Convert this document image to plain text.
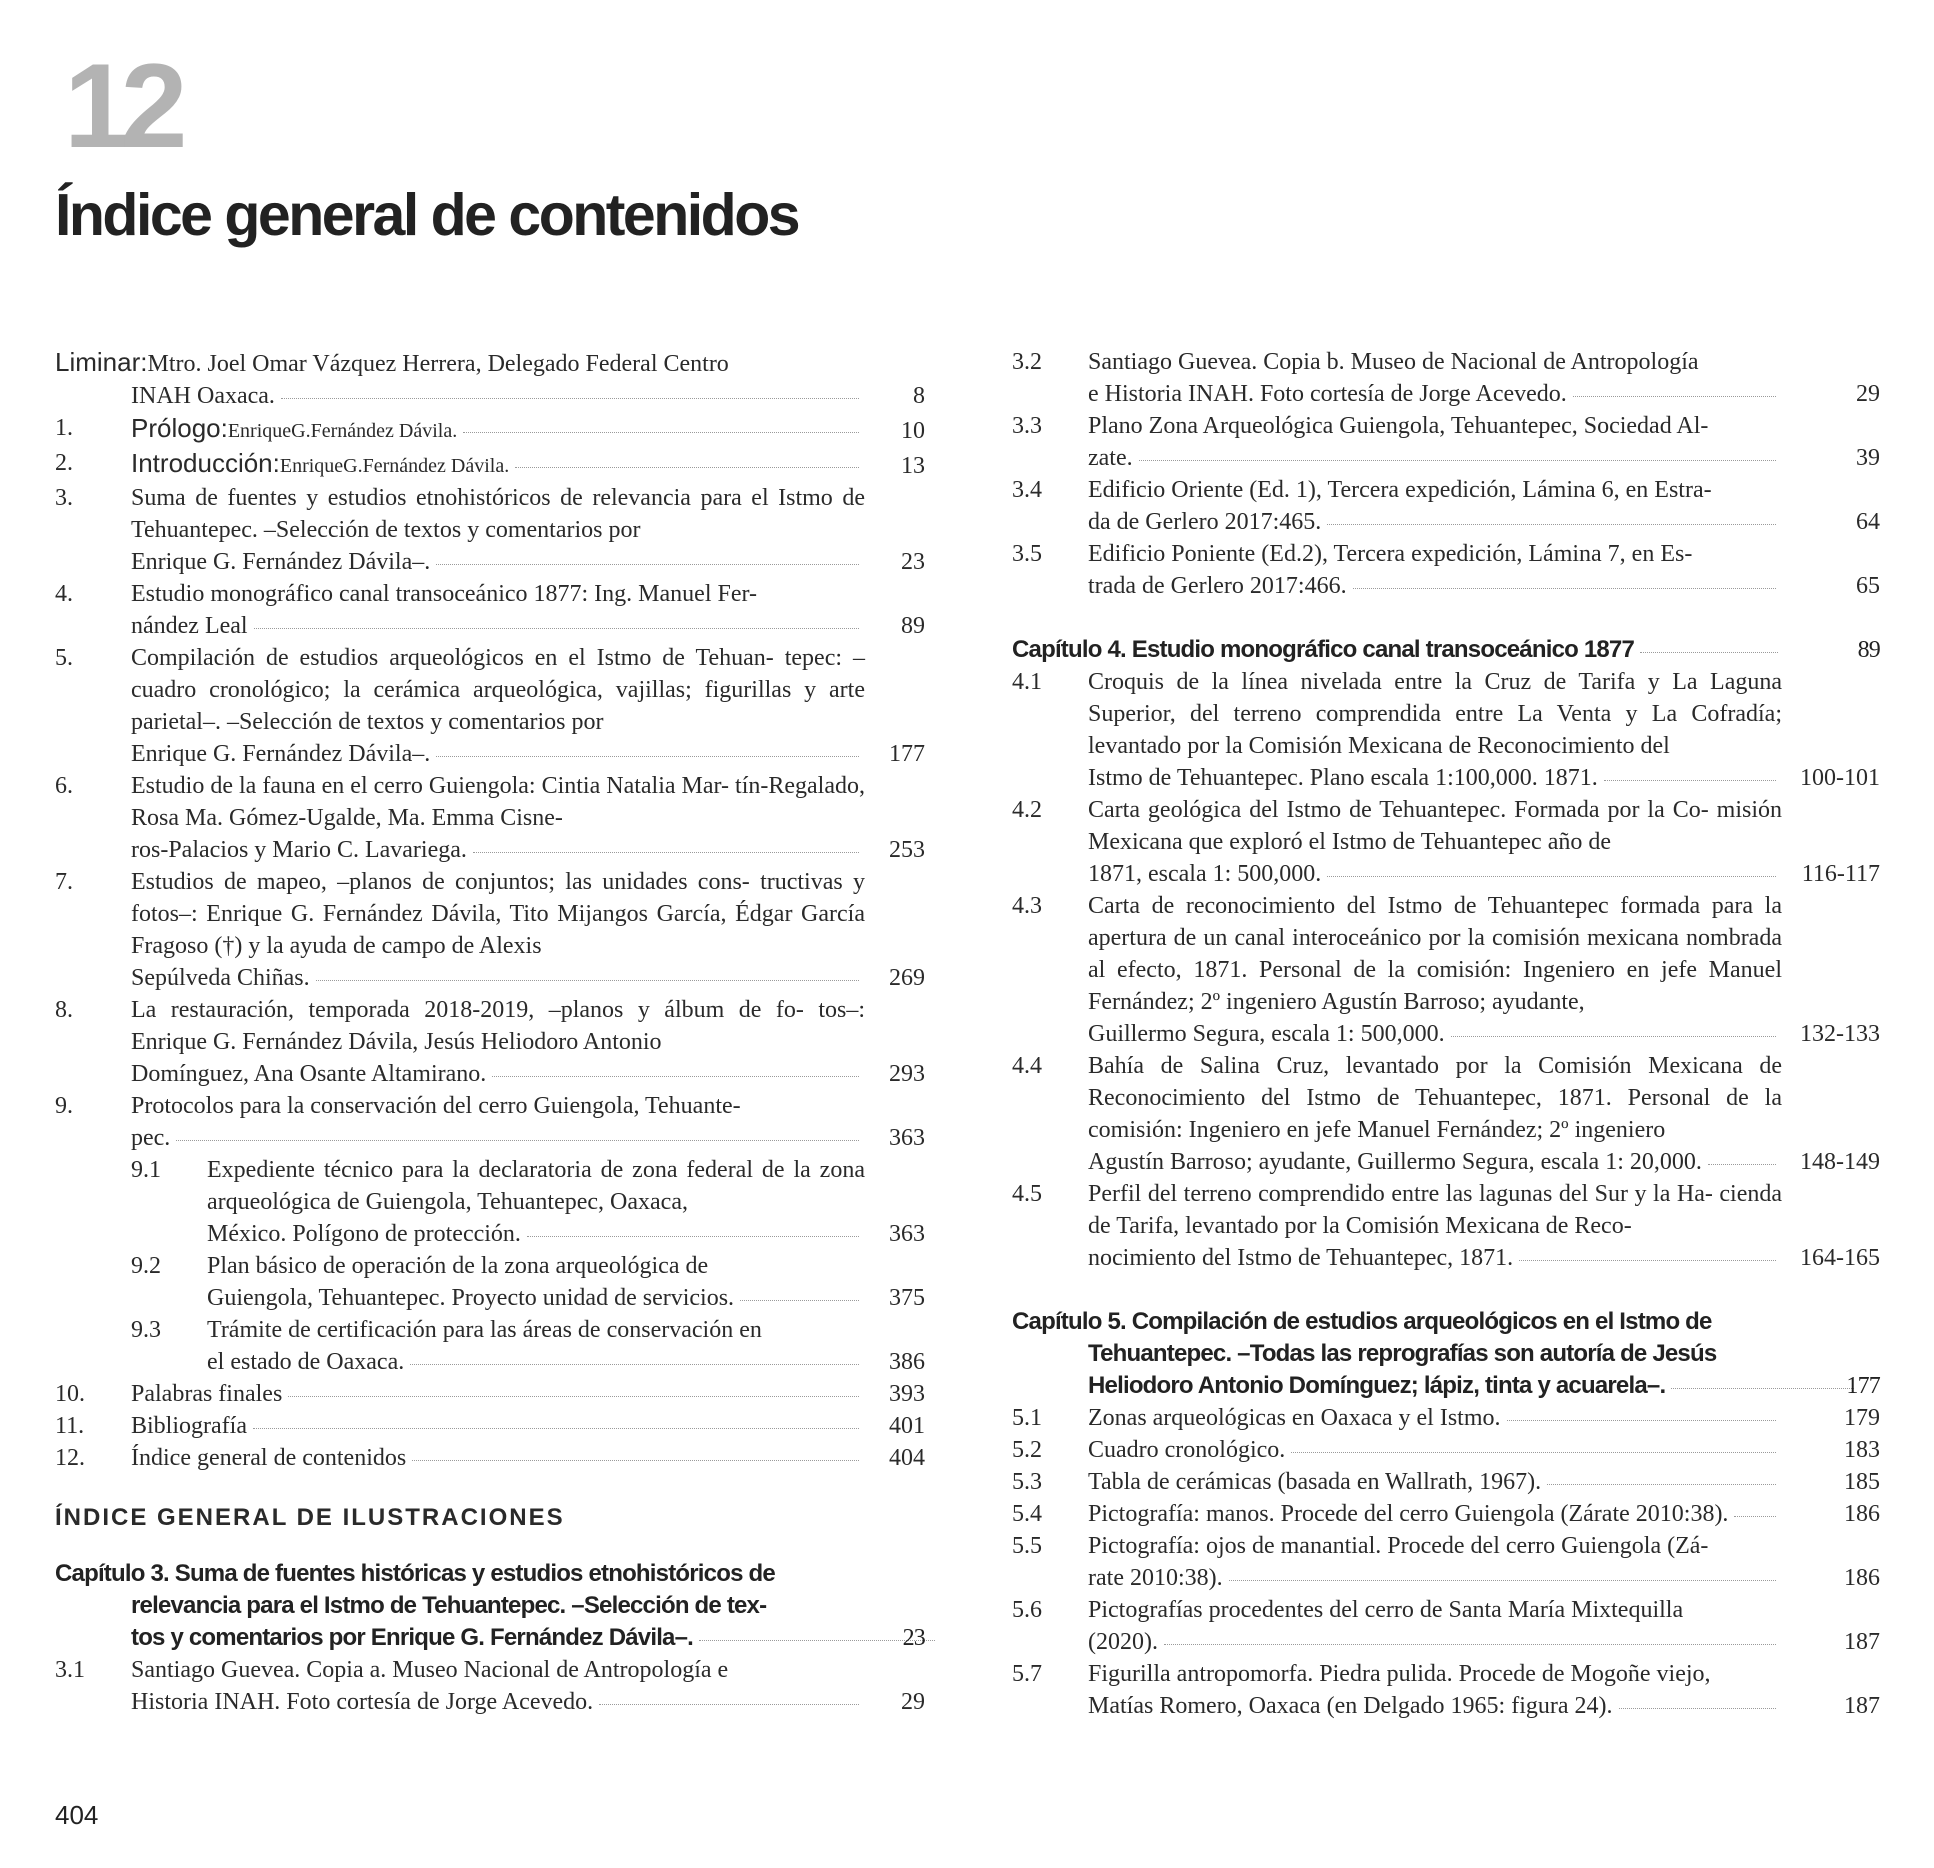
12
Índice general de contenidos
Liminar:Mtro. Joel Omar Vázquez Herrera, Delegado Federal Centro
INAH Oaxaca.	8
1. Prólogo:EnriqueG.Fernández Dávila.	10
2. Introducción:EnriqueG.Fernández Dávila.	13
3. Suma de fuentes y estudios etnohistóricos de relevancia para el Istmo de Tehuantepec. –Selección de textos y comentarios por
Enrique G. Fernández Dávila–.	23
4. Estudio monográfico canal transoceánico 1877: Ing. Manuel Fer-
nández Leal	89
5. Compilación de estudios arqueológicos en el Istmo de Tehuan- tepec: –cuadro cronológico; la cerámica arqueológica, vajillas; figurillas y arte parietal–. –Selección de textos y comentarios por
Enrique G. Fernández Dávila–.	177
6. Estudio de la fauna en el cerro Guiengola: Cintia Natalia Mar- tín-Regalado, Rosa Ma. Gómez-Ugalde, Ma. Emma Cisne-
ros-Palacios y Mario C. Lavariega.	253
7. Estudios de mapeo, –planos de conjuntos; las unidades cons- tructivas y fotos–: Enrique G. Fernández Dávila, Tito Mijangos García, Édgar García Fragoso (†) y la ayuda de campo de Alexis
Sepúlveda Chiñas.	269
8. La restauración, temporada 2018-2019, –planos y álbum de fo- tos–: Enrique G. Fernández Dávila, Jesús Heliodoro Antonio
Domínguez, Ana Osante Altamirano.	293
9. Protocolos para la conservación del cerro Guiengola, Tehuante-
pec.	363
9.1 Expediente técnico para la declaratoria de zona federal de la zona arqueológica de Guiengola, Tehuantepec, Oaxaca,
México. Polígono de protección.	363
9.2 Plan básico de operación de la zona arqueológica de
Guiengola, Tehuantepec. Proyecto unidad de servicios.	375
9.3 Trámite de certificación para las áreas de conservación en
el estado de Oaxaca.	386
10. Palabras finales	393
11. Bibliografía	401
12. Índice general de contenidos	404
ÍNDICE GENERAL DE ILUSTRACIONES
Capítulo 3. Suma de fuentes históricas y estudios etnohistóricos de
relevancia para el Istmo de Tehuantepec. –Selección de tex-
tos y comentarios por Enrique G. Fernández Dávila–.	23
3.1 Santiago Guevea. Copia a. Museo Nacional de Antropología e
Historia INAH. Foto cortesía de Jorge Acevedo.	29
3.2 Santiago Guevea. Copia b. Museo de Nacional de Antropología
e Historia INAH. Foto cortesía de Jorge Acevedo.	29
3.3 Plano Zona Arqueológica Guiengola, Tehuantepec, Sociedad Al-
zate.	39
3.4 Edificio Oriente (Ed. 1), Tercera expedición, Lámina 6, en Estra-
da de Gerlero 2017:465.	64
3.5 Edificio Poniente (Ed.2), Tercera expedición, Lámina 7, en Es-
trada de Gerlero 2017:466.	65
Capítulo 4. Estudio monográfico canal transoceánico 1877	89
4.1 Croquis de la línea nivelada entre la Cruz de Tarifa y La Laguna Superior, del terreno comprendida entre La Venta y La Cofradía; levantado por la Comisión Mexicana de Reconocimiento del
Istmo de Tehuantepec. Plano escala 1:100,000. 1871.	100-101
4.2 Carta geológica del Istmo de Tehuantepec. Formada por la Co- misión Mexicana que exploró el Istmo de Tehuantepec año de
1871, escala 1: 500,000.	116-117
4.3 Carta de reconocimiento del Istmo de Tehuantepec formada para la apertura de un canal interoceánico por la comisión mexicana nombrada al efecto, 1871. Personal de la comisión: Ingeniero en jefe Manuel Fernández; 2º ingeniero Agustín Barroso; ayudante,
Guillermo Segura, escala 1: 500,000.	132-133
4.4 Bahía de Salina Cruz, levantado por la Comisión Mexicana de Reconocimiento del Istmo de Tehuantepec, 1871. Personal de la comisión: Ingeniero en jefe Manuel Fernández; 2º ingeniero
Agustín Barroso; ayudante, Guillermo Segura, escala 1: 20,000.	148-149
4.5 Perfil del terreno comprendido entre las lagunas del Sur y la Ha- cienda de Tarifa, levantado por la Comisión Mexicana de Reco-
nocimiento del Istmo de Tehuantepec, 1871.	164-165
Capítulo 5. Compilación de estudios arqueológicos en el Istmo de
Tehuantepec. –Todas las reprografías son autoría de Jesús
Heliodoro Antonio Domínguez; lápiz, tinta y acuarela–.	177
5.1 Zonas arqueológicas en Oaxaca y el Istmo.	179
5.2 Cuadro cronológico.	183
5.3 Tabla de cerámicas (basada en Wallrath, 1967).	185
5.4 Pictografía: manos. Procede del cerro Guiengola (Zárate 2010:38).	186
5.5 Pictografía: ojos de manantial. Procede del cerro Guiengola (Zá-
rate 2010:38).	186
5.6 Pictografías procedentes del cerro de Santa María Mixtequilla
(2020).	187
5.7 Figurilla antropomorfa. Piedra pulida. Procede de Mogoñe viejo,
Matías Romero, Oaxaca (en Delgado 1965: figura 24).	187
404
